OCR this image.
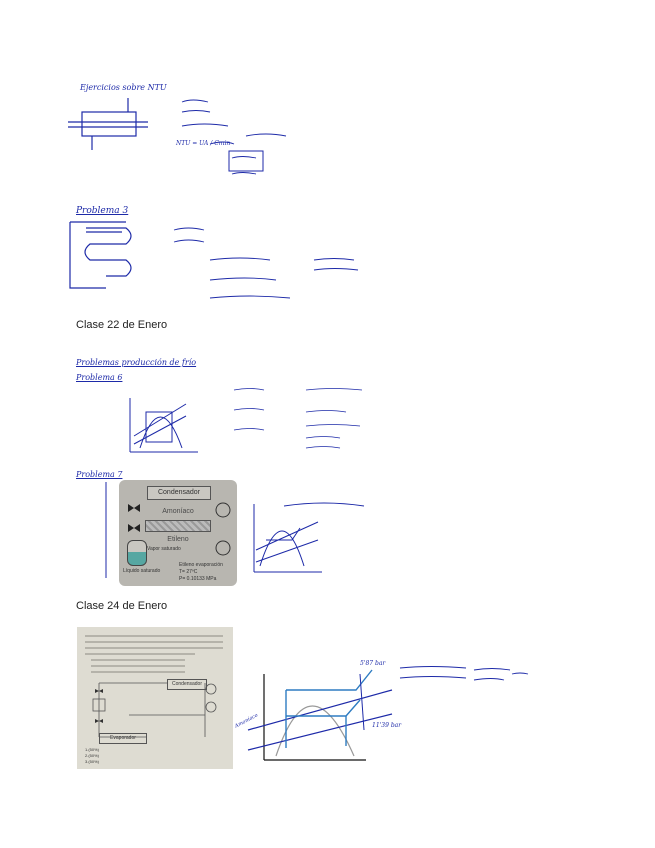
Ejercicios sobre NTU
NTU = UA / Cmin
Problema 3
Clase 22 de Enero
Problemas producción de frío
Problema 6
Problema 7
Condensador
Amoníaco
Etileno
Vapor saturado
Líquido saturado
Etileno evaporación
T= 27ºC
P= 0.10133 MPa
Clase 24 de Enero
Condensador
Evaporador
1.(50%)
2.(50%)
3.(50%)
5'87 bar
11'39 bar
Amoníaco
